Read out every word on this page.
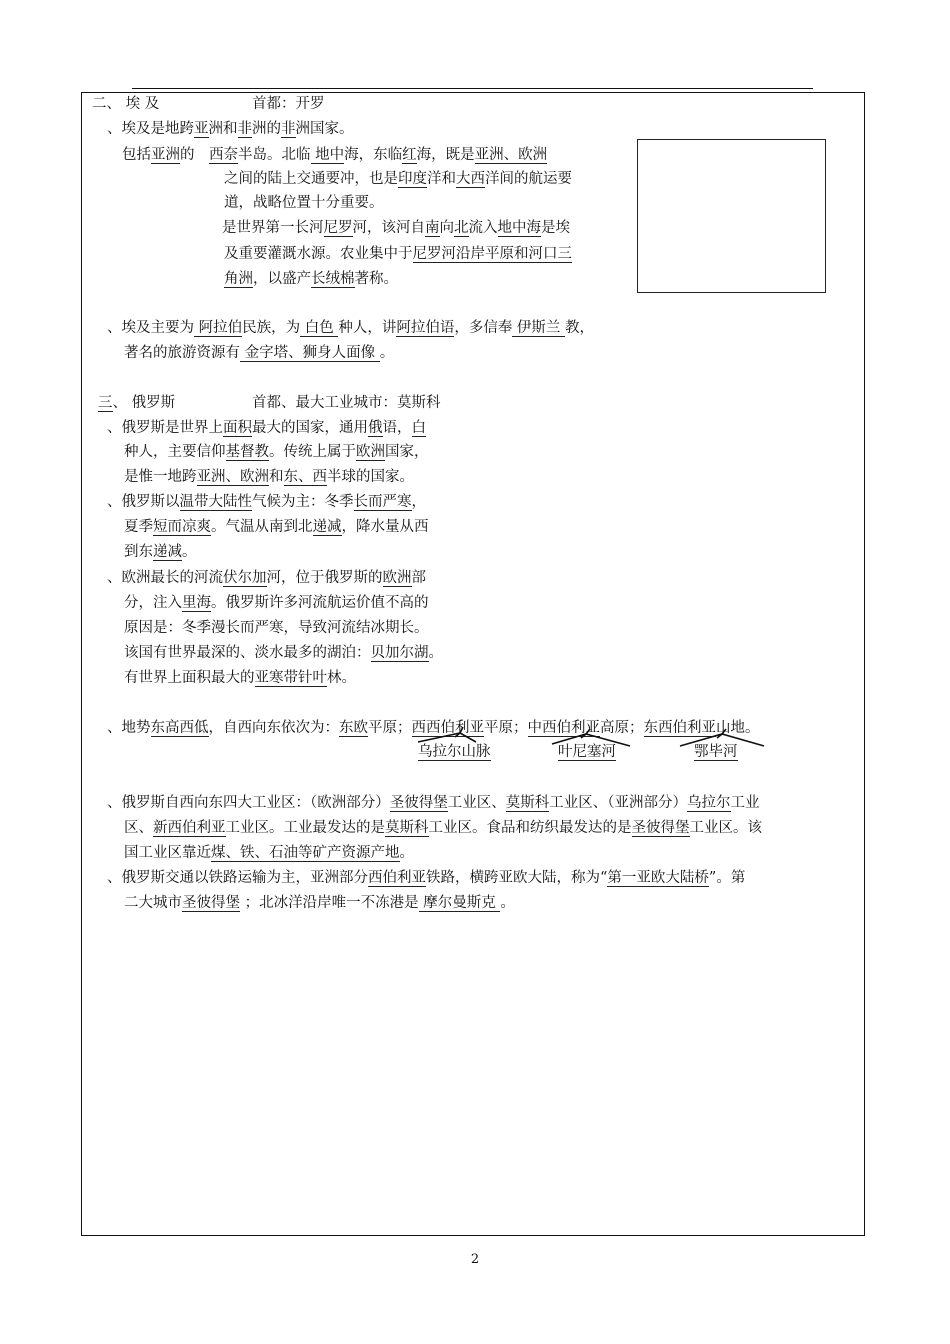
二、 埃 及	首都：开罗
、埃及是地跨亚洲和非洲的非洲国家。
包括亚洲的　西奈半岛。北临 地中海，东临红海，既是亚洲、欧洲
之间的陆上交通要冲，也是印度洋和大西洋间的航运要
道，战略位置十分重要。
是世界第一长河尼罗河，该河自南向北流入地中海是埃
及重要灌溉水源。农业集中于尼罗河沿岸平原和河口三
角洲，以盛产长绒棉著称。
、埃及主要为 阿拉伯民族，为 白色 种人，讲阿拉伯语，多信奉 伊斯兰 教，
著名的旅游资源有 金字塔、狮身人面像 。
三、 俄罗斯	首都、最大工业城市：莫斯科
、俄罗斯是世界上面积最大的国家，通用俄语，白
种人，主要信仰基督教。传统上属于欧洲国家，
是惟一地跨亚洲、欧洲和东、西半球的国家。
、俄罗斯以温带大陆性气候为主：冬季长而严寒，
夏季短而凉爽。气温从南到北递减，降水量从西
到东递减。
、欧洲最长的河流伏尔加河，位于俄罗斯的欧洲部
分，注入里海。俄罗斯许多河流航运价值不高的
原因是：冬季漫长而严寒，导致河流结冰期长。
该国有世界最深的、淡水最多的湖泊：贝加尔湖。
有世界上面积最大的亚寒带针叶林。
、地势东高西低，自西向东依次为：东欧平原；西西伯利亚平原；中西伯利亚高原；东西伯利亚山地。
乌拉尔山脉	叶尼塞河	鄂毕河
、俄罗斯自西向东四大工业区：（欧洲部分）圣彼得堡工业区、莫斯科工业区、（亚洲部分）乌拉尔工业
区、新西伯利亚工业区。工业最发达的是莫斯科工业区。食品和纺织最发达的是圣彼得堡工业区。该
国工业区靠近煤、铁、石油等矿产资源产地。
、俄罗斯交通以铁路运输为主，亚洲部分西伯利亚铁路，横跨亚欧大陆，称为“第一亚欧大陆桥”。第
二大城市圣彼得堡 ；北冰洋沿岸唯一不冻港是 摩尔曼斯克 。
2
